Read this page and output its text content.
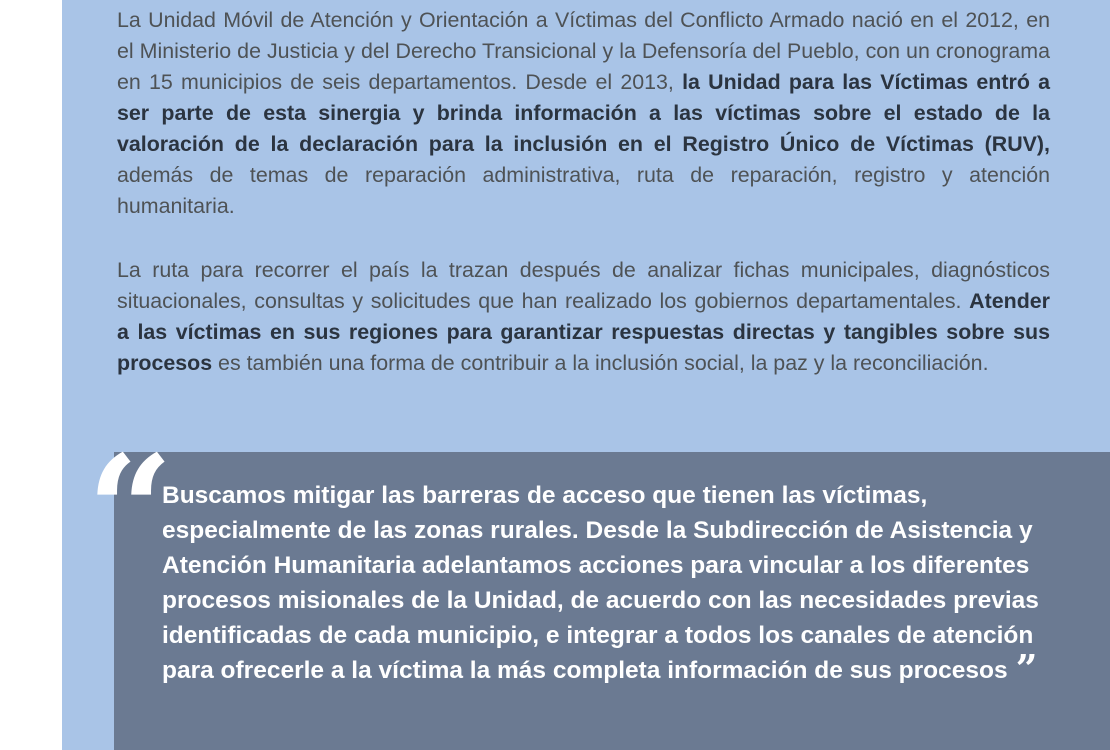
La Unidad Móvil de Atención y Orientación a Víctimas del Conflicto Armado nació en el 2012, en el Ministerio de Justicia y del Derecho Transicional y la Defensoría del Pueblo, con un cronograma en 15 municipios de seis departamentos. Desde el 2013, la Unidad para las Víctimas entró a ser parte de esta sinergia y brinda información a las víctimas sobre el estado de la valoración de la declaración para la inclusión en el Registro Único de Víctimas (RUV), además de temas de reparación administrativa, ruta de reparación, registro y atención humanitaria.

La ruta para recorrer el país la trazan después de analizar fichas municipales, diagnósticos situacionales, consultas y solicitudes que han realizado los gobiernos departamentales. Atender a las víctimas en sus regiones para garantizar respuestas directas y tangibles sobre sus procesos es también una forma de contribuir a la inclusión social, la paz y la reconciliación.

“ Buscamos mitigar las barreras de acceso que tienen las víctimas, especialmente de las zonas rurales. Desde la Subdirección de Asistencia y Atención Humanitaria adelantamos acciones para vincular a los diferentes procesos misionales de la Unidad, de acuerdo con las necesidades previas identificadas de cada municipio, e integrar a todos los canales de atención para ofrecerle a la víctima la más completa información de sus procesos ”
